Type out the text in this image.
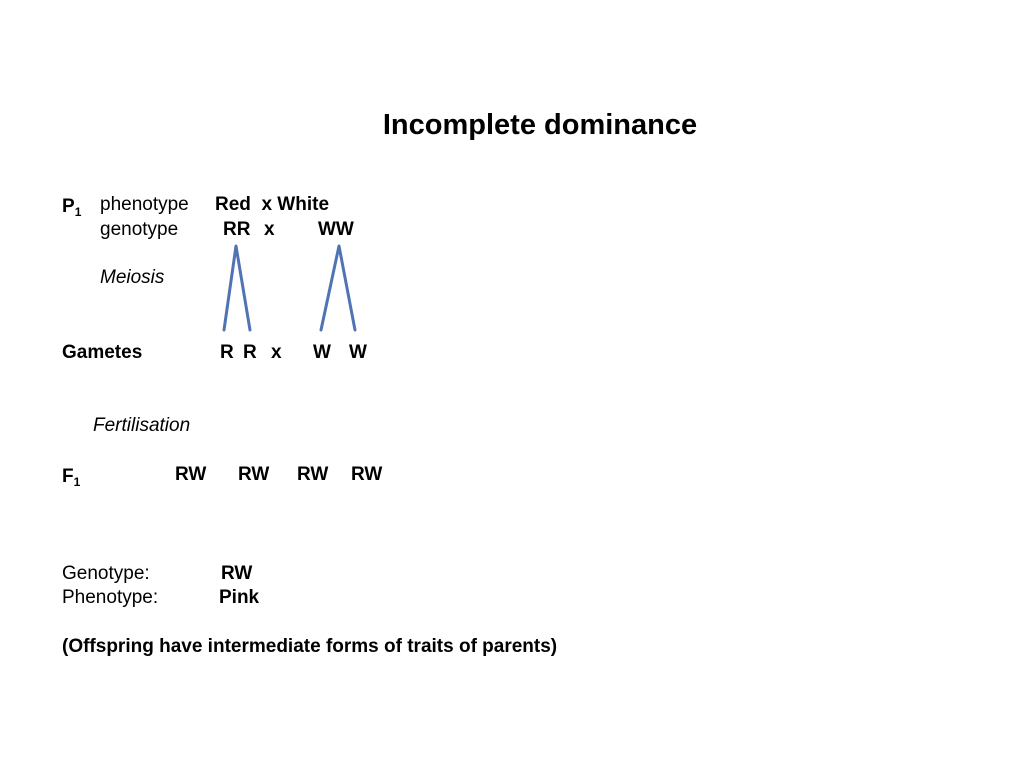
Incomplete dominance
$P_1$ phenotype Red  x White
genotype RR x WW
Meiosis
Gametes	R R x W W
Fertilisation
$F_1$	RW RW RW RW
Genotype:	RW
Phenotype:	Pink
(Offspring have intermediate forms of traits of parents)
